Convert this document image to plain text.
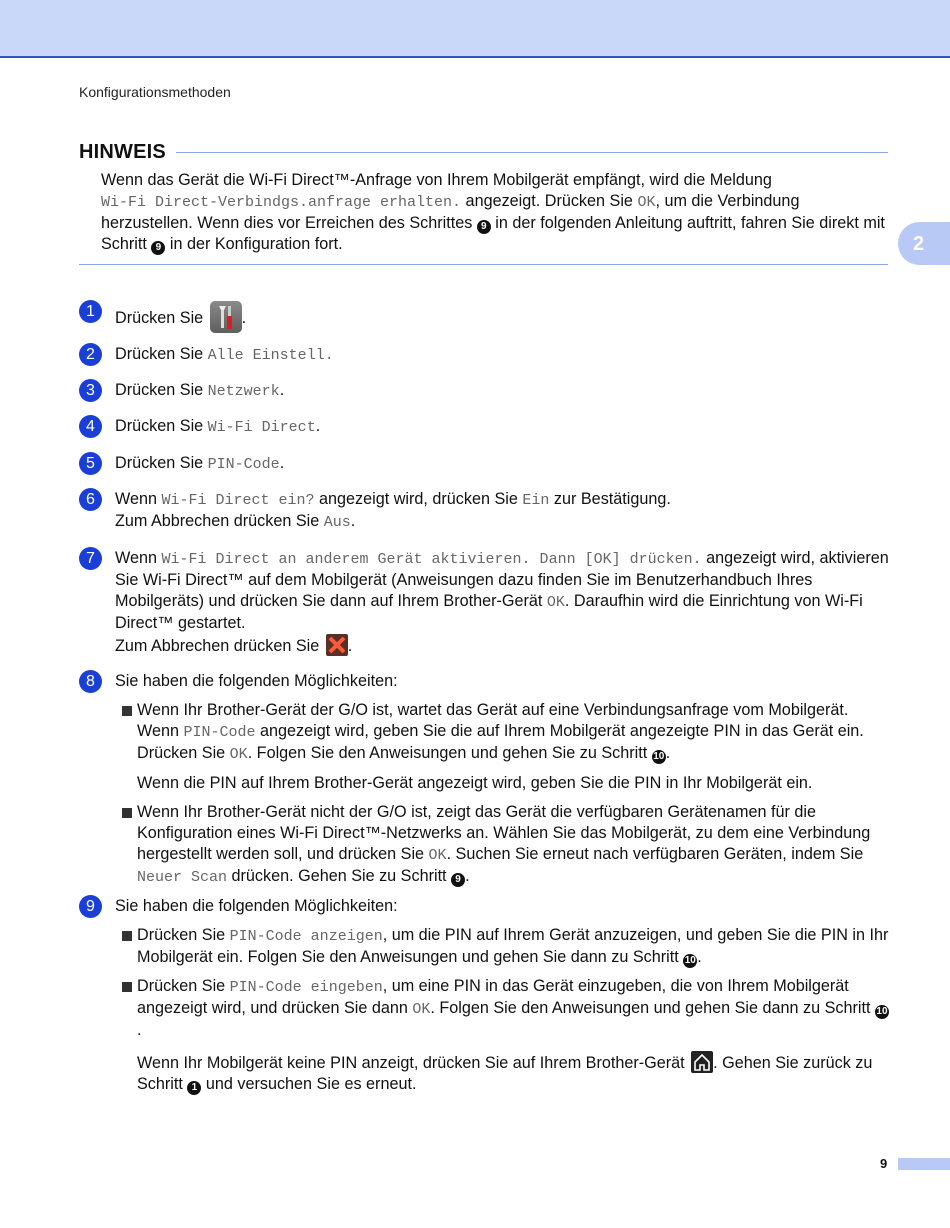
Konfigurationsmethoden
2
HINWEIS
Wenn das Gerät die Wi-Fi Direct™-Anfrage von Ihrem Mobilgerät empfängt, wird die Meldung
Wi-Fi Direct-Verbindgs.anfrage erhalten. angezeigt. Drücken Sie OK, um die Verbindung herzustellen. Wenn dies vor Erreichen des Schrittes 9 in der folgenden Anleitung auftritt, fahren Sie direkt mit Schritt 9 in der Konfiguration fort.
1	Drücken Sie .
2	Drücken Sie Alle Einstell.
3	Drücken Sie Netzwerk.
4	Drücken Sie Wi-Fi Direct.
5	Drücken Sie PIN-Code.
6	Wenn Wi-Fi Direct ein? angezeigt wird, drücken Sie Ein zur Bestätigung.
Zum Abbrechen drücken Sie Aus.
7	Wenn Wi-Fi Direct an anderem Gerät aktivieren. Dann [OK] drücken. angezeigt wird, aktivieren Sie Wi-Fi Direct™ auf dem Mobilgerät (Anweisungen dazu finden Sie im Benutzerhandbuch Ihres Mobilgeräts) und drücken Sie dann auf Ihrem Brother-Gerät OK. Daraufhin wird die Einrichtung von Wi-Fi Direct™ gestartet.
Zum Abbrechen drücken Sie .
8	Sie haben die folgenden Möglichkeiten:

Wenn Ihr Brother-Gerät der G/O ist, wartet das Gerät auf eine Verbindungsanfrage vom Mobilgerät. Wenn PIN-Code angezeigt wird, geben Sie die auf Ihrem Mobilgerät angezeigte PIN in das Gerät ein. Drücken Sie OK. Folgen Sie den Anweisungen und gehen Sie zu Schritt 10.

Wenn die PIN auf Ihrem Brother-Gerät angezeigt wird, geben Sie die PIN in Ihr Mobilgerät ein.

Wenn Ihr Brother-Gerät nicht der G/O ist, zeigt das Gerät die verfügbaren Gerätenamen für die Konfiguration eines Wi-Fi Direct™-Netzwerks an. Wählen Sie das Mobilgerät, zu dem eine Verbindung hergestellt werden soll, und drücken Sie OK. Suchen Sie erneut nach verfügbaren Geräten, indem Sie Neuer Scan drücken. Gehen Sie zu Schritt 9 .
9	Sie haben die folgenden Möglichkeiten:

Drücken Sie PIN-Code anzeigen, um die PIN auf Ihrem Gerät anzuzeigen, und geben Sie die PIN in Ihr Mobilgerät ein. Folgen Sie den Anweisungen und gehen Sie dann zu Schritt 10.
Drücken Sie PIN-Code eingeben, um eine PIN in das Gerät einzugeben, die von Ihrem Mobilgerät angezeigt wird, und drücken Sie dann OK. Folgen Sie den Anweisungen und gehen Sie dann zu Schritt 10.

Wenn Ihr Mobilgerät keine PIN anzeigt, drücken Sie auf Ihrem Brother-Gerät . Gehen Sie zurück zu Schritt 1 und versuchen Sie es erneut.

9
